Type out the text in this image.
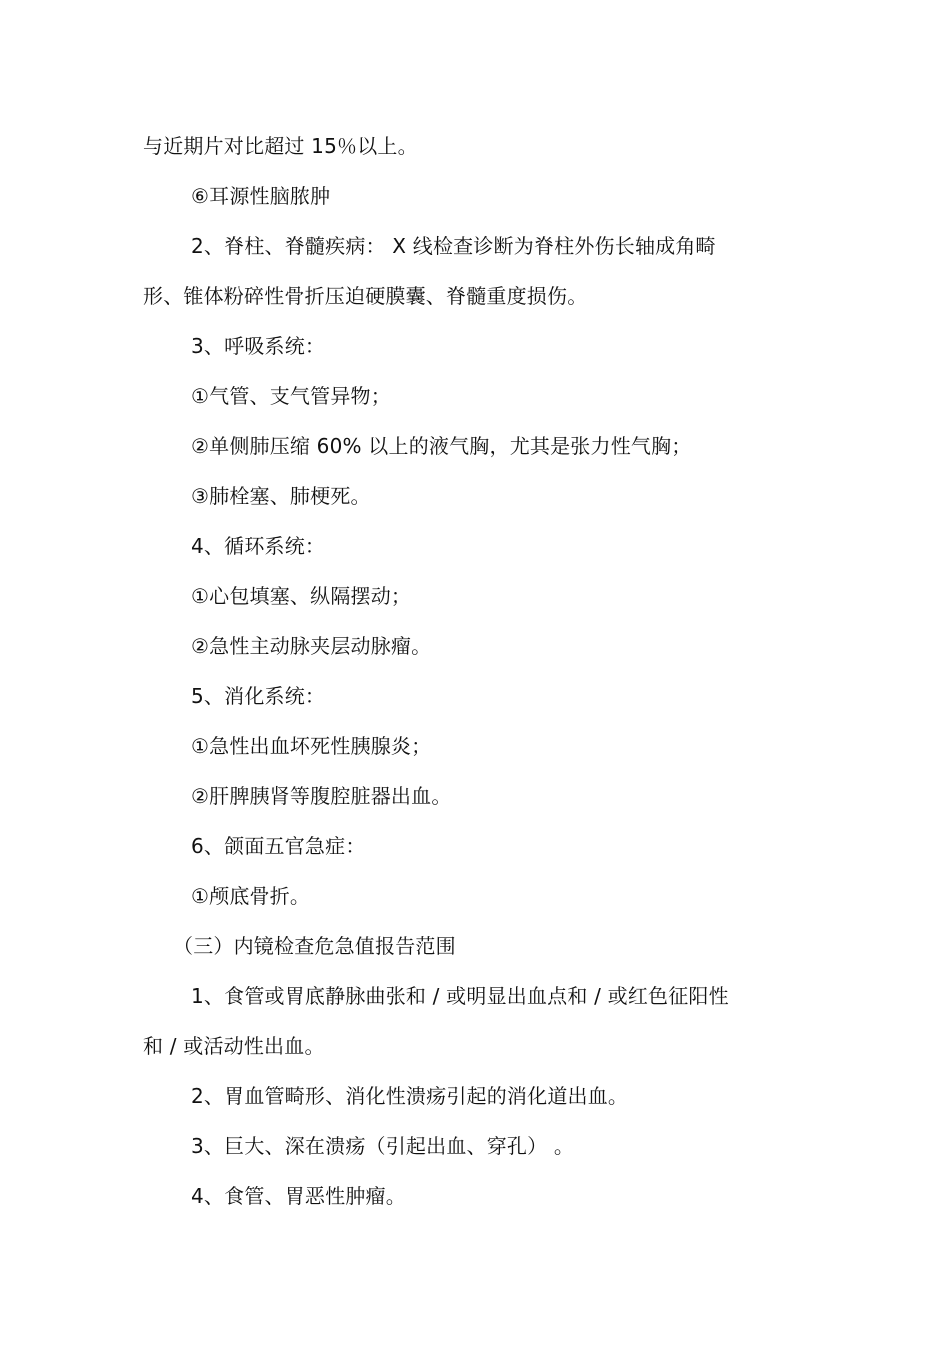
与近期片对比超过 15％以上。
⑥耳源性脑脓肿
2、脊柱、脊髓疾病： X 线检查诊断为脊柱外伤长轴成角畸
形、锥体粉碎性骨折压迫硬膜囊、脊髓重度损伤。
3、呼吸系统：
①气管、支气管异物；
②单侧肺压缩 60% 以上的液气胸，尤其是张力性气胸；
③肺栓塞、肺梗死。
4、循环系统：
①心包填塞、纵隔摆动；
②急性主动脉夹层动脉瘤。
5、消化系统：
①急性出血坏死性胰腺炎；
②肝脾胰肾等腹腔脏器出血。
6、颌面五官急症：
①颅底骨折。
（三）内镜检查危急值报告范围
1、食管或胃底静脉曲张和 / 或明显出血点和 / 或红色征阳性
和 / 或活动性出血。
2、胃血管畸形、消化性溃疡引起的消化道出血。
3、巨大、深在溃疡（引起出血、穿孔） 。
4、食管、胃恶性肿瘤。
